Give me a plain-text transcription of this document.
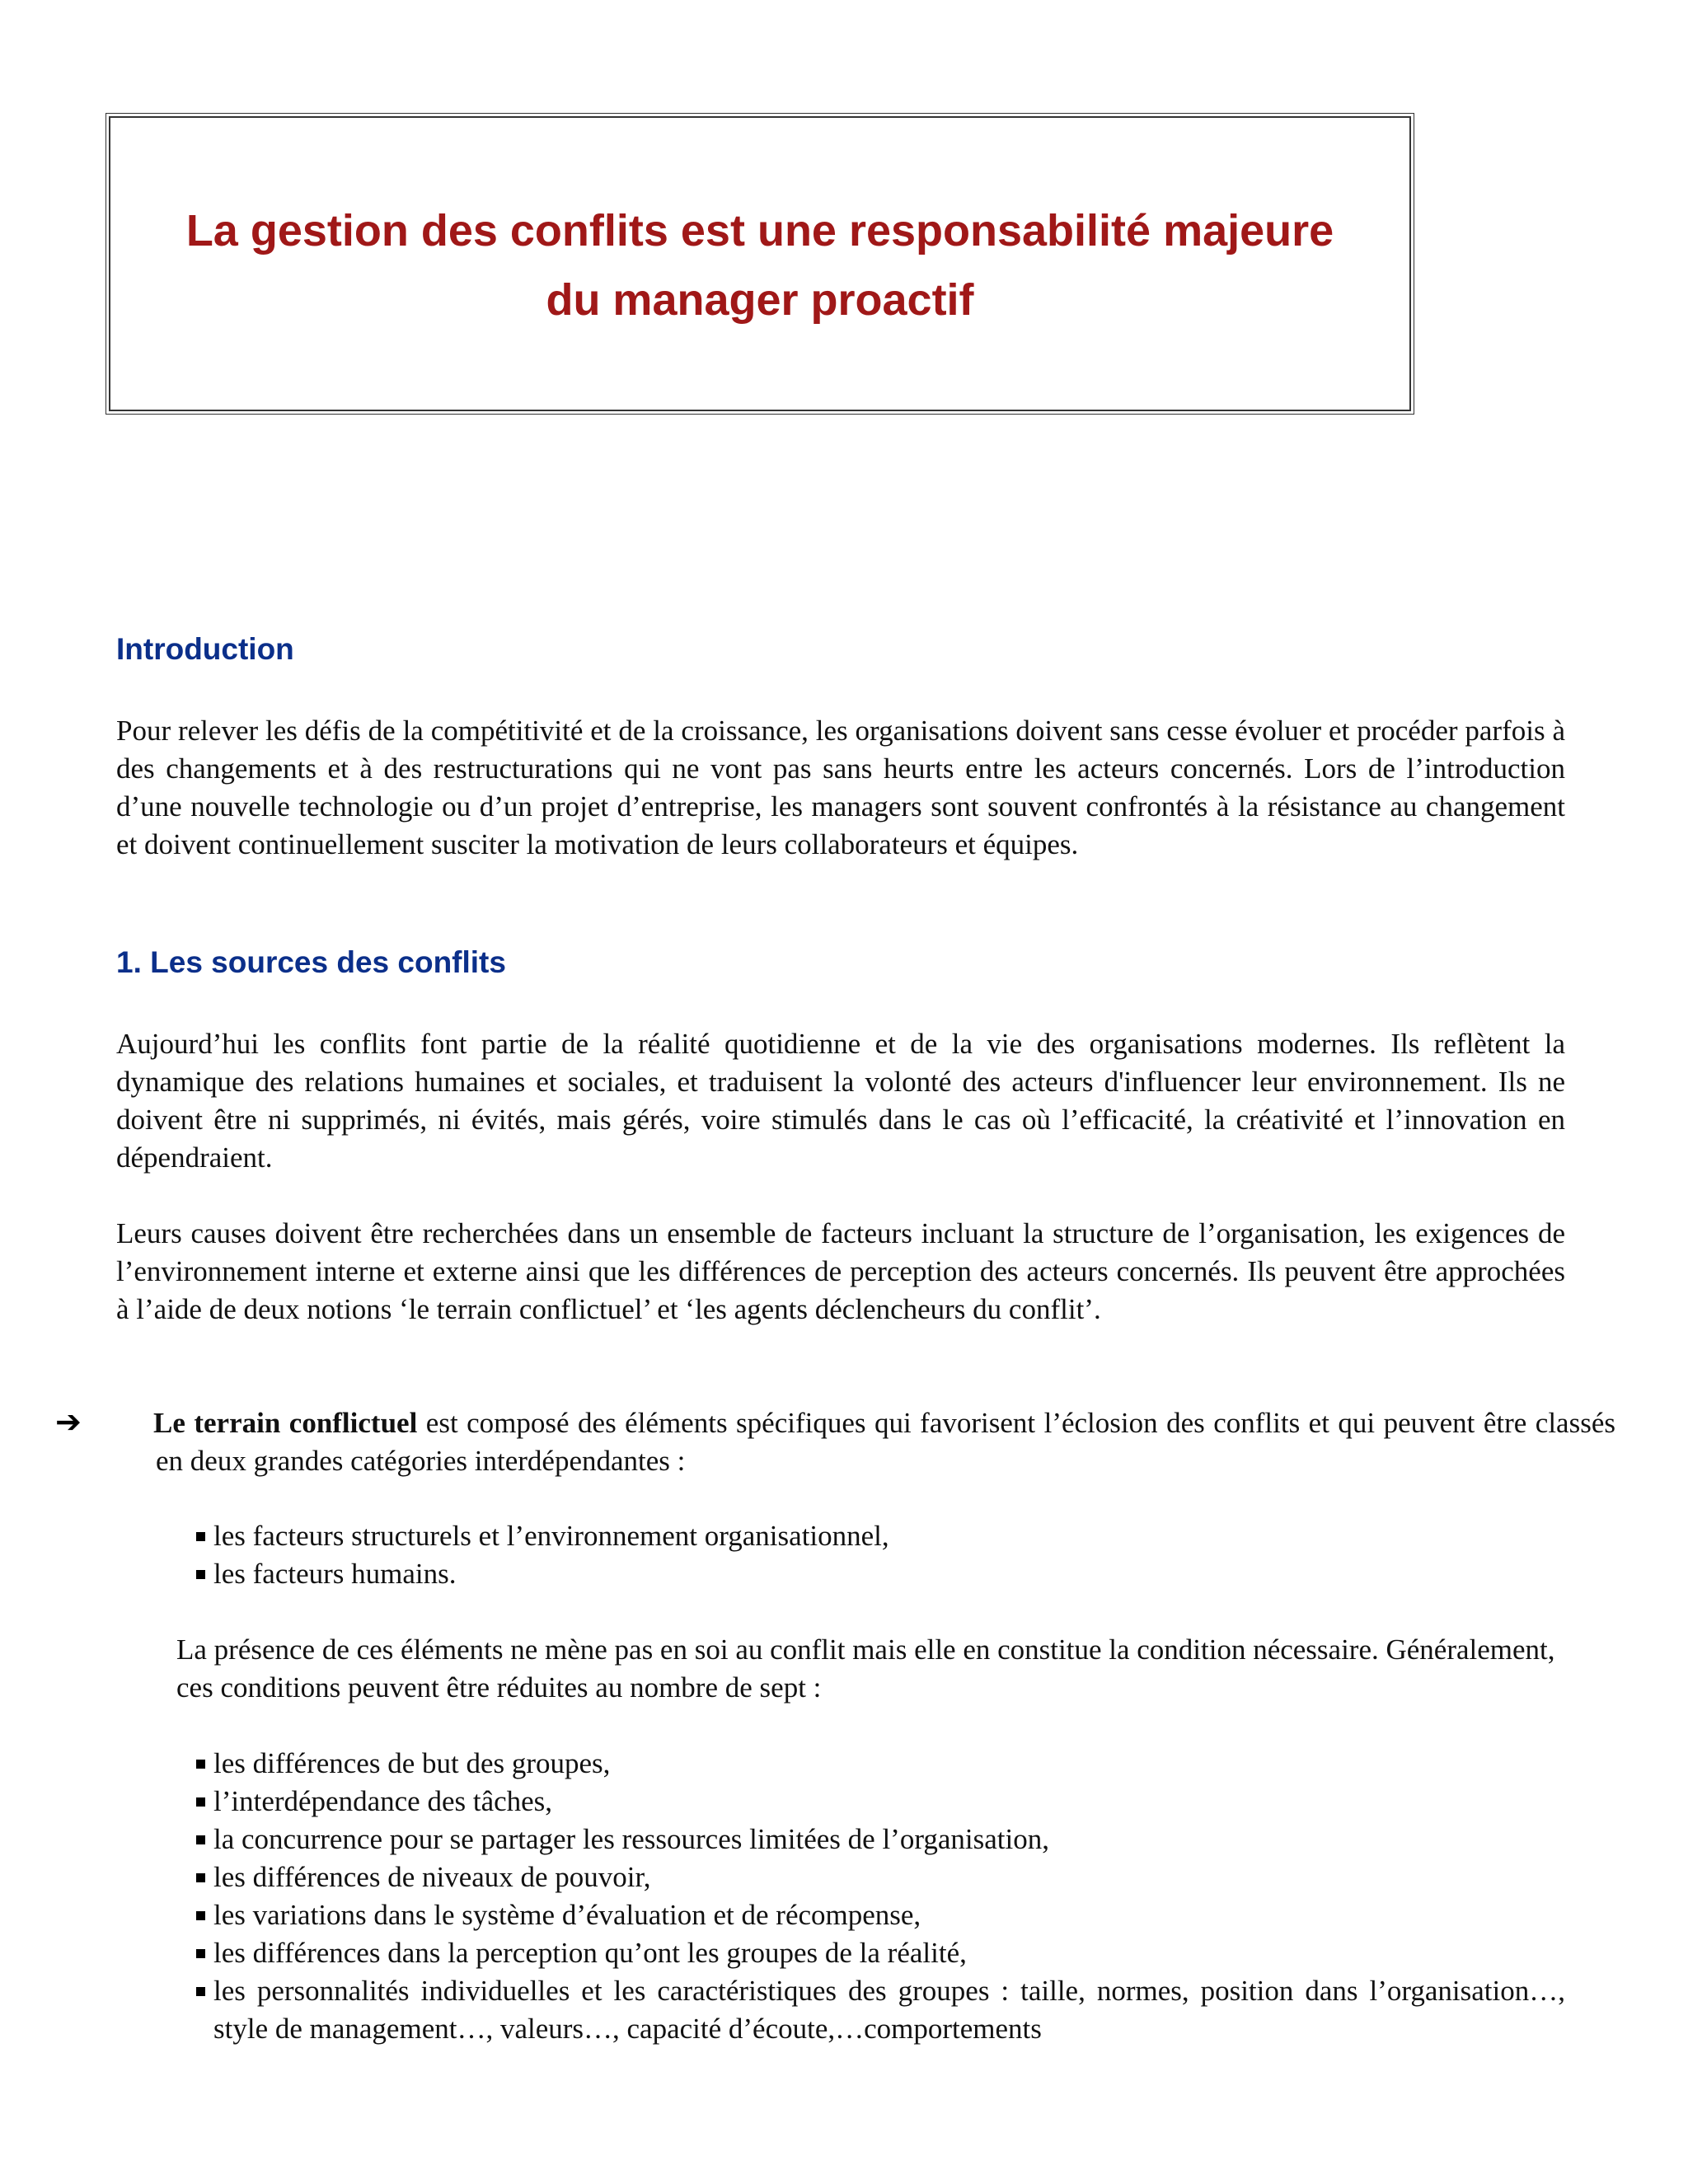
La gestion des conflits est une responsabilité majeure
du manager proactif
Introduction

Pour relever les défis de la compétitivité et de la croissance, les organisations doivent sans cesse évoluer et procéder parfois à des changements et à des restructurations qui ne vont pas sans heurts entre les acteurs concernés. Lors de l’introduction d’une nouvelle technologie ou d’un projet d’entreprise, les managers sont souvent confrontés à la résistance au changement et doivent continuellement susciter la motivation de leurs collaborateurs et équipes.

1. Les sources des conflits

Aujourd’hui les conflits font partie de la réalité quotidienne et de la vie des organisations modernes. Ils reflètent la dynamique des relations humaines et sociales, et traduisent la volonté des acteurs d'influencer leur environnement. Ils ne doivent être ni supprimés, ni évités, mais gérés, voire stimulés dans le cas où l’efficacité, la créativité et l’innovation en dépendraient.

Leurs causes doivent être recherchées dans un ensemble de facteurs incluant la structure de l’organisation, les exigences de l’environnement interne et externe ainsi que les différences de perception des acteurs concernés. Ils peuvent être approchées à l’aide de deux notions ‘le terrain conflictuel’ et ‘les agents déclencheurs du conflit’.

➔ Le terrain conflictuel est composé des éléments spécifiques qui favorisent l’éclosion des conflits et qui peuvent être classés en deux grandes catégories interdépendantes :

les facteurs structurels et l’environnement organisationnel,
les facteurs humains.

La présence de ces éléments ne mène pas en soi au conflit mais elle en constitue la condition nécessaire. Généralement, ces conditions peuvent être réduites au nombre de sept :

les différences de but des groupes,
l’interdépendance des tâches,
la concurrence pour se partager les ressources limitées de l’organisation,
les différences de niveaux de pouvoir,
les variations dans le système d’évaluation et de récompense,
les différences dans la perception qu’ont les groupes de la réalité,
les personnalités individuelles et les caractéristiques des groupes : taille, normes, position dans l’organisation…, style de management…, valeurs…, capacité d’écoute,…comportements
